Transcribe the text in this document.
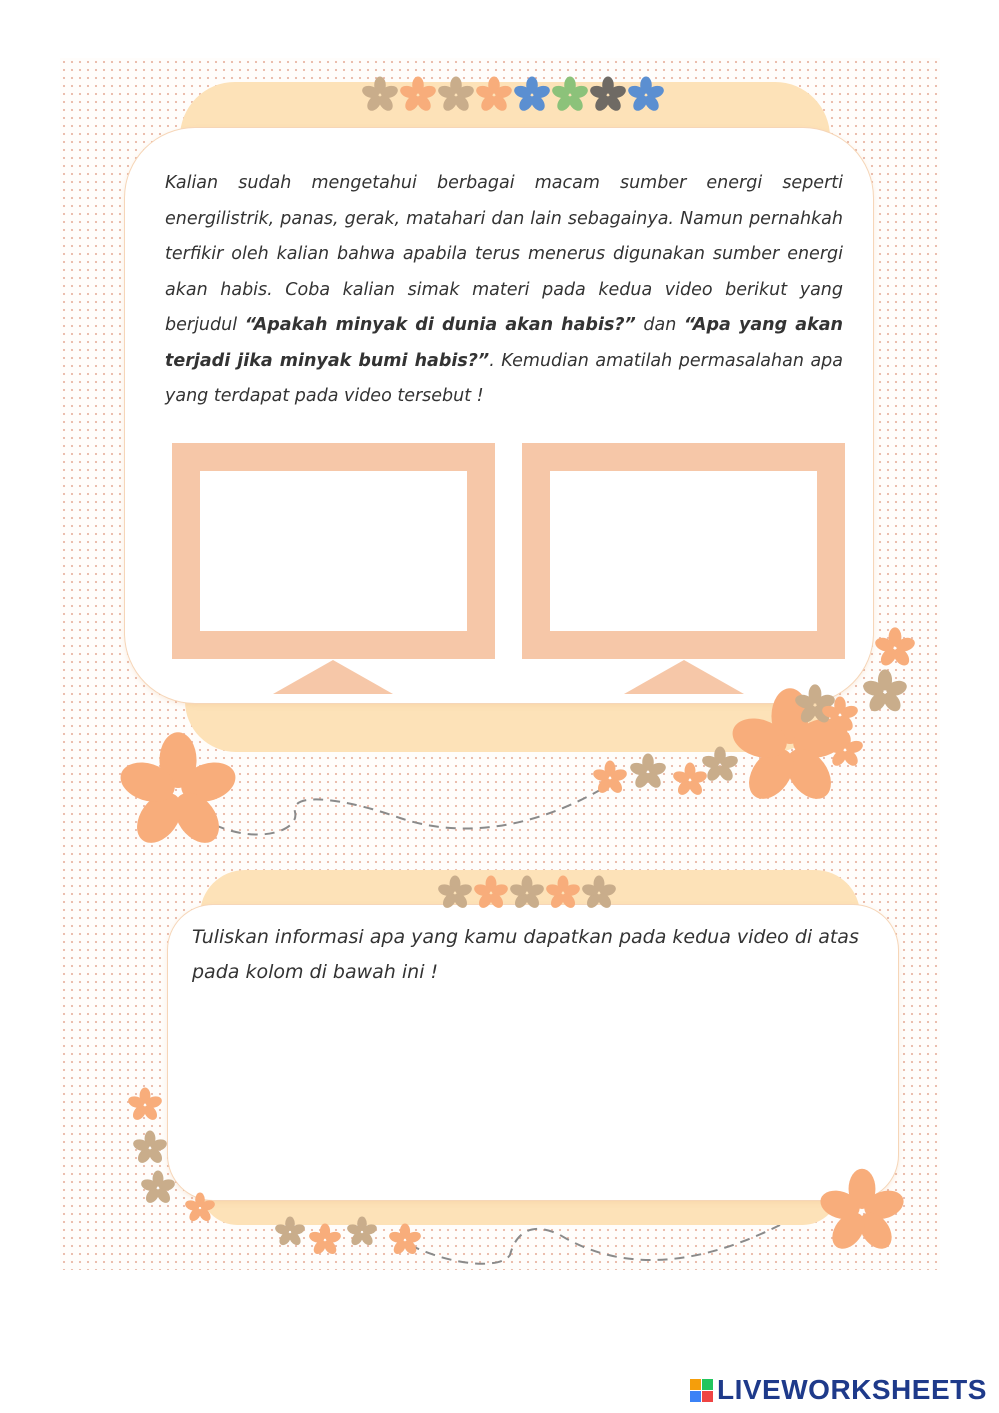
Kalian sudah mengetahui berbagai macam sumber energi seperti energilistrik, panas, gerak, matahari dan lain sebagainya. Namun pernahkah terfikir oleh kalian bahwa apabila terus menerus digunakan sumber energi akan habis. Coba kalian simak materi pada kedua video berikut yang berjudul “Apakah minyak di dunia akan habis?” dan “Apa yang akan terjadi jika minyak bumi habis?”. Kemudian amatilah permasalahan apa yang terdapat pada video tersebut !

Tuliskan informasi apa yang kamu dapatkan pada kedua video di atas pada kolom di bawah ini !

LIVEWORKSHEETS
